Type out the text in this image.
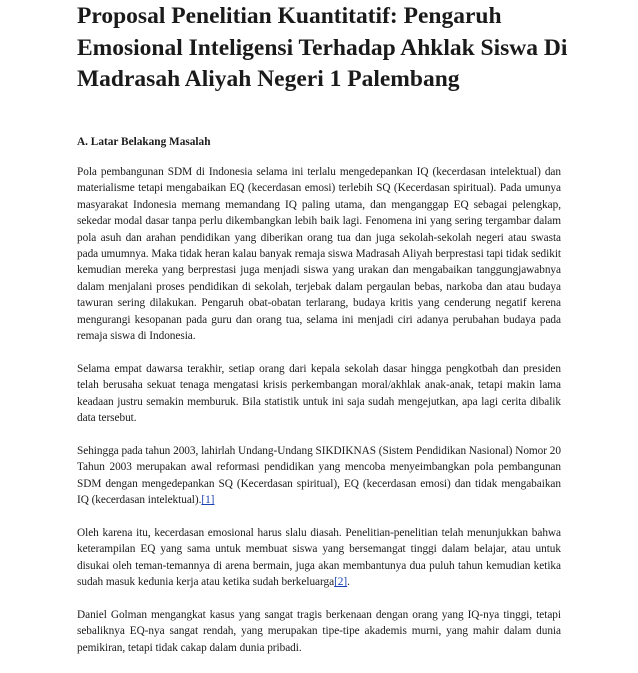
Proposal Penelitian Kuantitatif: Pengaruh Emosional Inteligensi Terhadap Ahklak Siswa Di Madrasah Aliyah Negeri 1 Palembang
A. Latar Belakang Masalah

Pola pembangunan SDM di Indonesia selama ini terlalu mengedepankan IQ (kecerdasan intelektual) dan materialisme tetapi mengabaikan EQ (kecerdasan emosi) terlebih SQ (Kecerdasan spiritual). Pada umunya masyarakat Indonesia memang memandang IQ paling utama, dan menganggap EQ sebagai pelengkap, sekedar modal dasar tanpa perlu dikembangkan lebih baik lagi. Fenomena ini yang sering tergambar dalam pola asuh dan arahan pendidikan yang diberikan orang tua dan juga sekolah-sekolah negeri atau swasta pada umumnya. Maka tidak heran kalau banyak remaja siswa Madrasah Aliyah berprestasi tapi tidak sedikit kemudian mereka yang berprestasi juga menjadi siswa yang urakan dan mengabaikan tanggungjawabnya dalam menjalani proses pendidikan di sekolah, terjebak dalam pergaulan bebas, narkoba dan atau budaya tawuran sering dilakukan. Pengaruh obat-obatan terlarang, budaya kritis yang cenderung negatif kerena mengurangi kesopanan pada guru dan orang tua, selama ini menjadi ciri adanya perubahan budaya pada remaja siswa di Indonesia.

Selama empat dawarsa terakhir, setiap orang dari kepala sekolah dasar hingga pengkotbah dan presiden telah berusaha sekuat tenaga mengatasi krisis perkembangan moral/akhlak anak-anak, tetapi makin lama keadaan justru semakin memburuk. Bila statistik untuk ini saja sudah mengejutkan, apa lagi cerita dibalik data tersebut.

Sehingga pada tahun 2003, lahirlah Undang-Undang SIKDIKNAS (Sistem Pendidikan Nasional) Nomor 20 Tahun 2003 merupakan awal reformasi pendidikan yang mencoba menyeimbangkan pola pembangunan SDM dengan mengedepankan SQ (Kecerdasan spiritual), EQ (kecerdasan emosi) dan tidak mengabaikan IQ (kecerdasan intelektual).[1]

Oleh karena itu, kecerdasan emosional harus slalu diasah. Penelitian-penelitian telah menunjukkan bahwa keterampilan EQ yang sama untuk membuat siswa yang bersemangat tinggi dalam belajar, atau untuk disukai oleh teman-temannya di arena bermain, juga akan membantunya dua puluh tahun kemudian ketika sudah masuk kedunia kerja atau ketika sudah berkeluarga[2].

Daniel Golman mengangkat kasus yang sangat tragis berkenaan dengan orang yang IQ-nya tinggi, tetapi sebaliknya EQ-nya sangat rendah, yang merupakan tipe-tipe akademis murni, yang mahir dalam dunia pemikiran, tetapi tidak cakap dalam dunia pribadi.
